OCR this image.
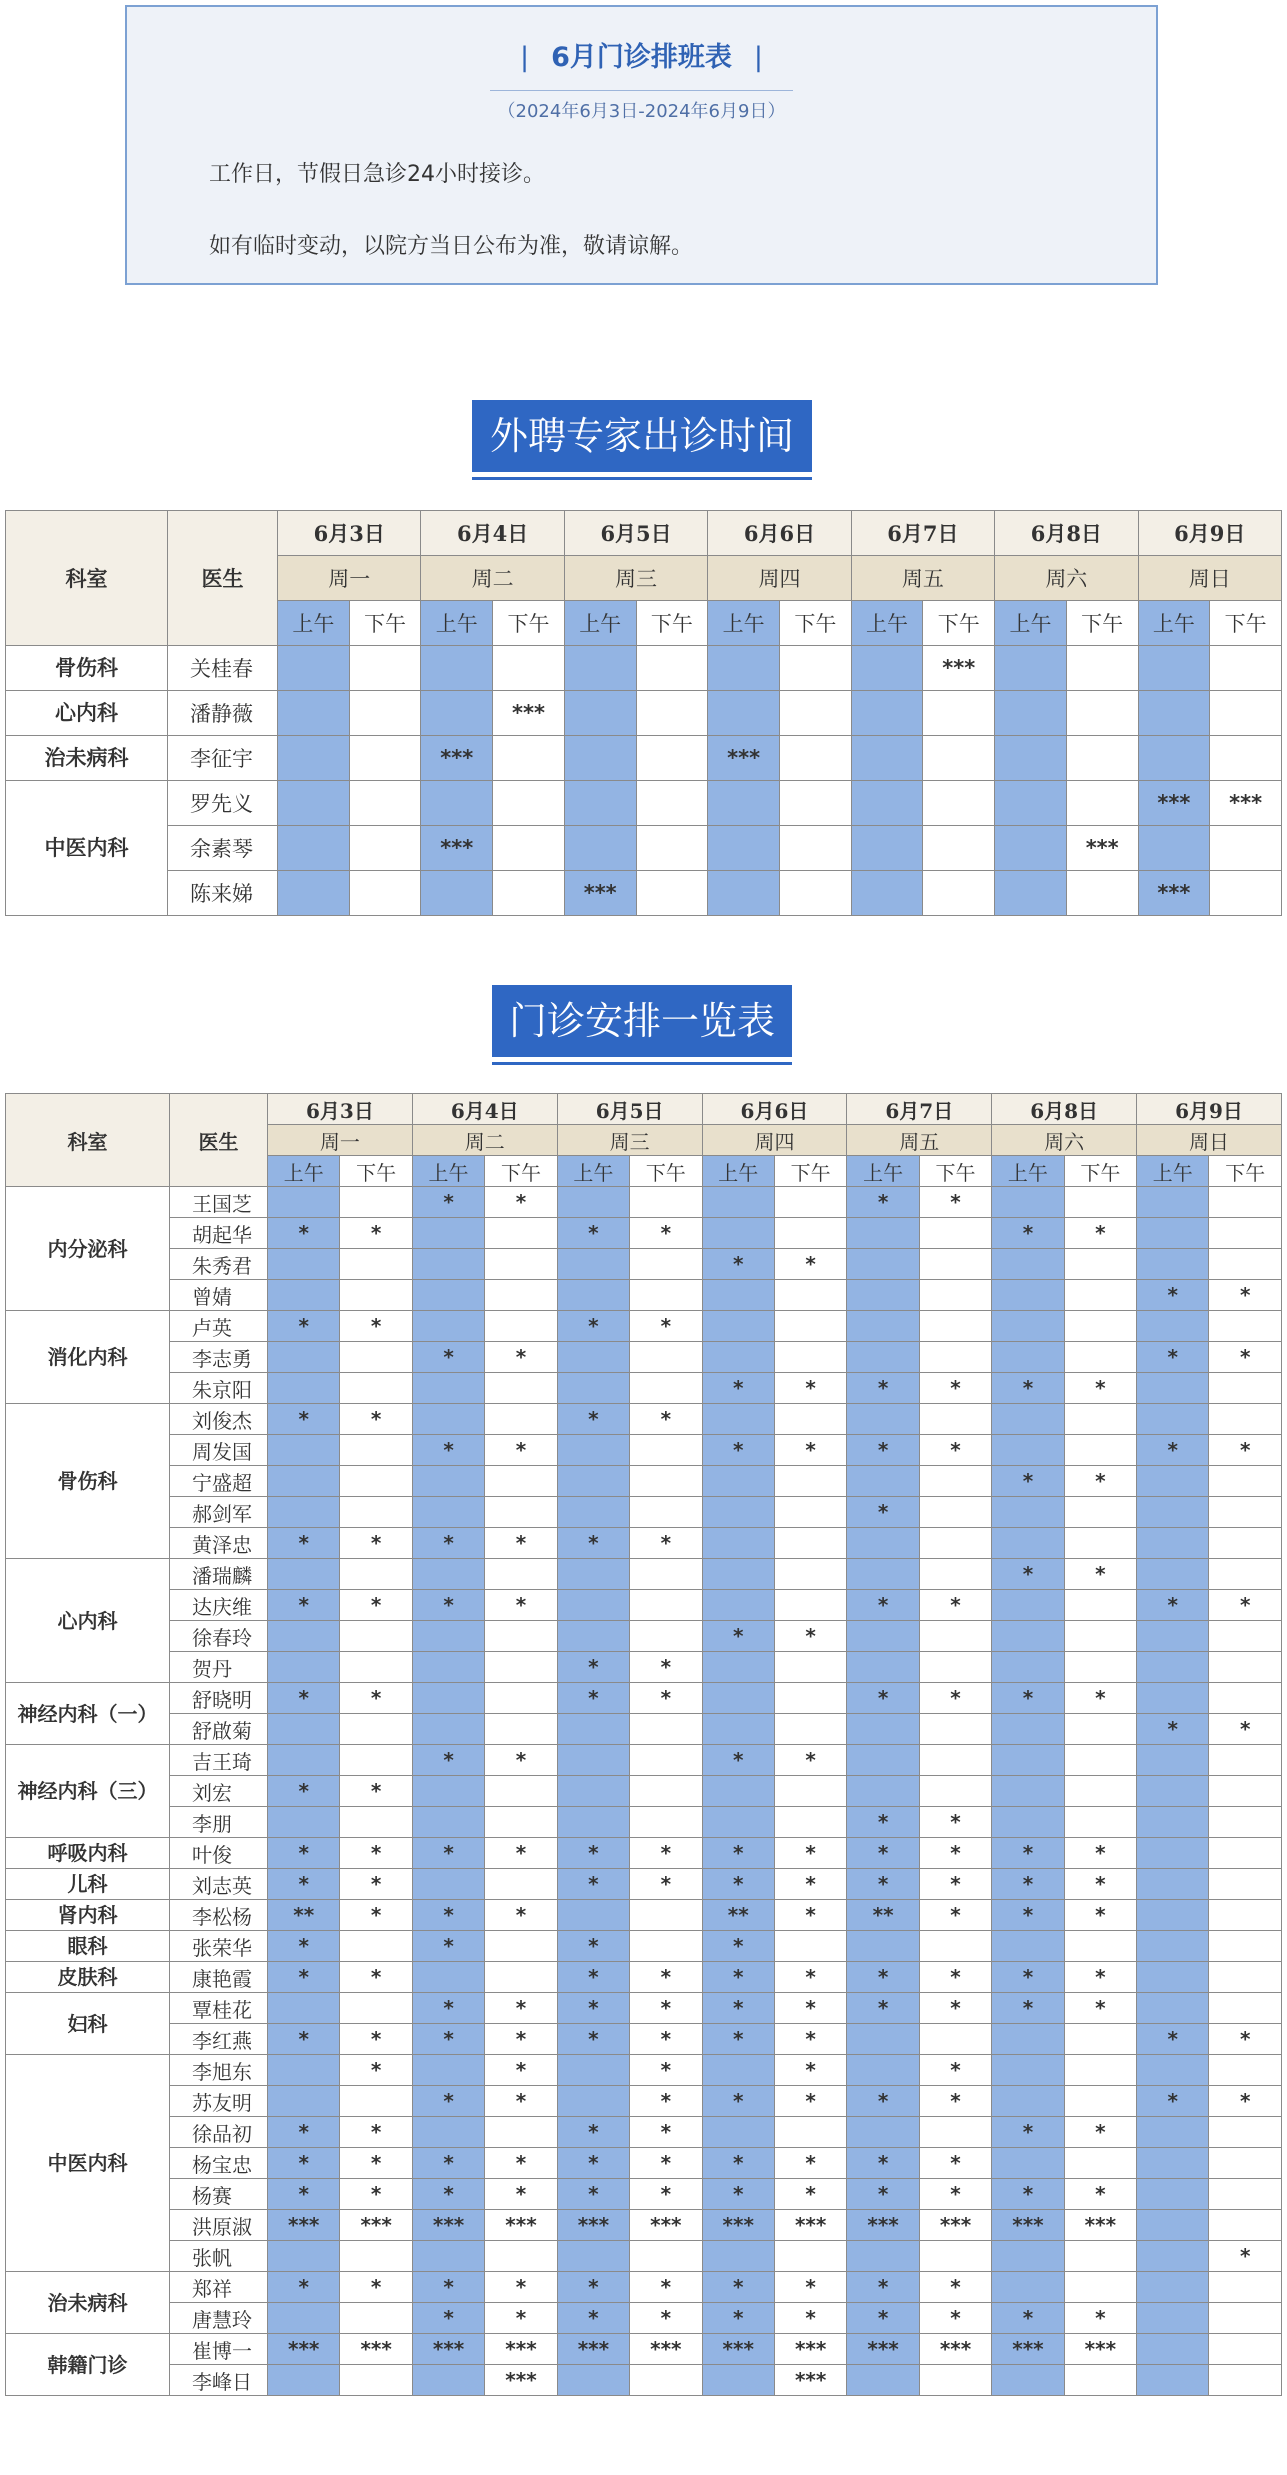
| 6月门诊排班表 |
（2024年6月3日-2024年6月9日）
工作日，节假日急诊24小时接诊。
如有临时变动，以院方当日公布为准，敬请谅解。
外聘专家出诊时间
科室	医生	6月3日		6月4日		6月5日		6月6日		6月7日		6月8日		6月9日	
		周一		周二		周三		周四		周五		周六		周日	
		上午	下午	上午	下午	上午	下午	上午	下午	上午	下午	上午	下午	上午	下午
骨伤科	关桂春										***				
心内科	潘静薇				***										
治未病科	李征宇			***				***							
中医内科	罗先义													***	***
	余素琴			***									***		
	陈来娣					***								***	
门诊安排一览表
科室	医生	6月3日		6月4日		6月5日		6月6日		6月7日		6月8日		6月9日	
		周一		周二		周三		周四		周五		周六		周日	
		上午	下午	上午	下午	上午	下午	上午	下午	上午	下午	上午	下午	上午	下午
内分泌科	王国芝			*	*					*	*				
	胡起华	*	*			*	*					*	*		
	朱秀君							*	*						
	曾婧													*	*
消化内科	卢英	*	*			*	*								
	李志勇			*	*									*	*
	朱京阳							*	*	*	*	*	*		
骨伤科	刘俊杰	*	*			*	*								
	周发国			*	*			*	*	*	*			*	*
	宁盛超											*	*		
	郝剑军									*					
	黄泽忠	*	*	*	*	*	*								
心内科	潘瑞麟											*	*		
	达庆维	*	*	*	*					*	*			*	*
	徐春玲							*	*						
	贺丹					*	*								
神经内科（一）	舒晓明	*	*			*	*			*	*	*	*		
	舒啟菊													*	*
神经内科（三）	吉王琦			*	*			*	*						
	刘宏	*	*												
	李朋									*	*				
呼吸内科	叶俊	*	*	*	*	*	*	*	*	*	*	*	*		
儿科	刘志英	*	*			*	*	*	*	*	*	*	*		
肾内科	李松杨	**	*	*	*			**	*	**	*	*	*		
眼科	张荣华	*		*		*		*							
皮肤科	康艳霞	*	*			*	*	*	*	*	*	*	*		
妇科	覃桂花			*	*	*	*	*	*	*	*	*	*		
	李红燕	*	*	*	*	*	*	*	*					*	*
中医内科	李旭东		*		*		*		*		*				
	苏友明			*	*		*	*	*	*	*			*	*
	徐品初	*	*			*	*					*	*		
	杨宝忠	*	*	*	*	*	*	*	*	*	*				
	杨赛	*	*	*	*	*	*	*	*	*	*	*	*		
	洪原淑	***	***	***	***	***	***	***	***	***	***	***	***		
	张帆														*
治未病科	郑祥	*	*	*	*	*	*	*	*	*	*				
	唐慧玲			*	*	*	*	*	*	*	*	*	*		
韩籍门诊	崔博一	***	***	***	***	***	***	***	***	***	***	***	***		
	李峰日				***				***						
